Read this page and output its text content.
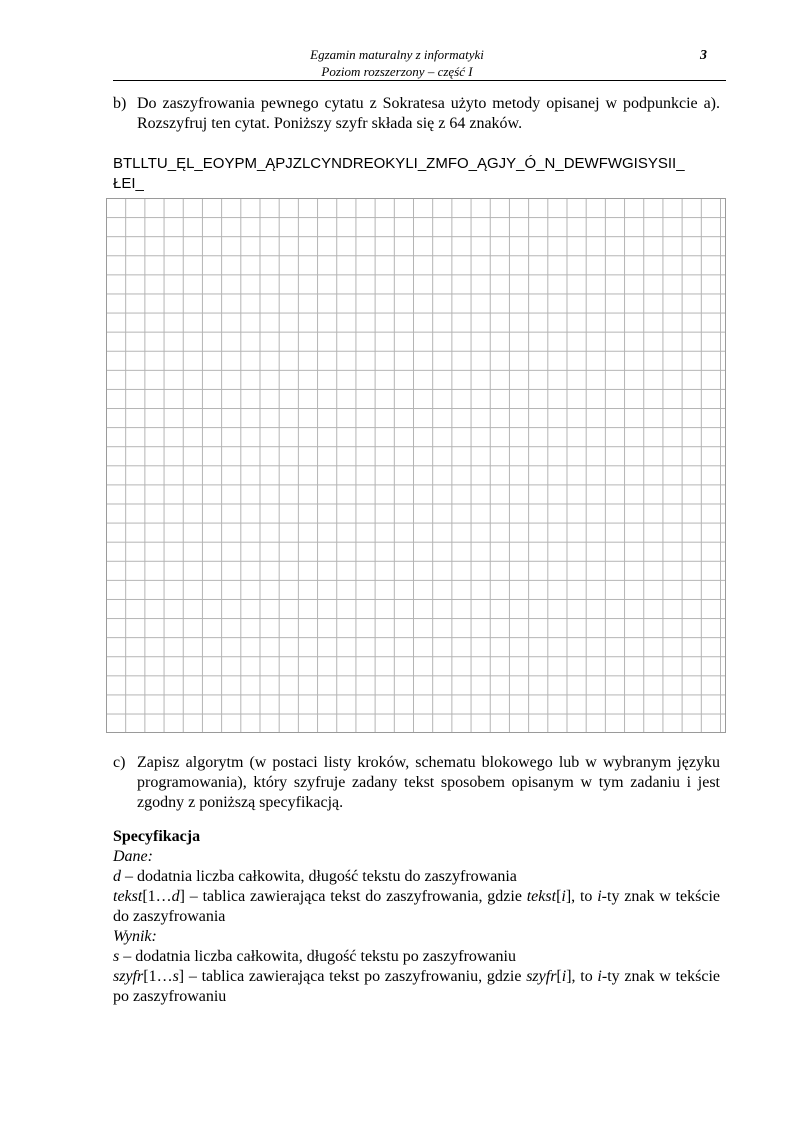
Egzamin maturalny z informatyki
Poziom rozszerzony – część I
3
b) Do zaszyfrowania pewnego cytatu z Sokratesa użyto metody opisanej w podpunkcie a).
Rozszyfruj ten cytat. Poniższy szyfr składa się z 64 znaków.
BTLLTU_ĘL_EOYPM_ĄPJZLCYNDREOKYLI_ZMFO_ĄGJY_Ó_N_DEWFWGISYSII_
ŁEI_
c) Zapisz algorytm (w postaci listy kroków, schematu blokowego lub w wybranym języku
programowania), który szyfruje zadany tekst sposobem opisanym w tym zadaniu i jest
zgodny z poniższą specyfikacją.
Specyfikacja
Dane:
d – dodatnia liczba całkowita, długość tekstu do zaszyfrowania
tekst[1…d] – tablica zawierająca tekst do zaszyfrowania, gdzie tekst[i], to i-ty znak w tekście
do zaszyfrowania
Wynik:
s – dodatnia liczba całkowita, długość tekstu po zaszyfrowaniu
szyfr[1…s] – tablica zawierająca tekst po zaszyfrowaniu, gdzie szyfr[i], to i-ty znak w tekście
po zaszyfrowaniu
